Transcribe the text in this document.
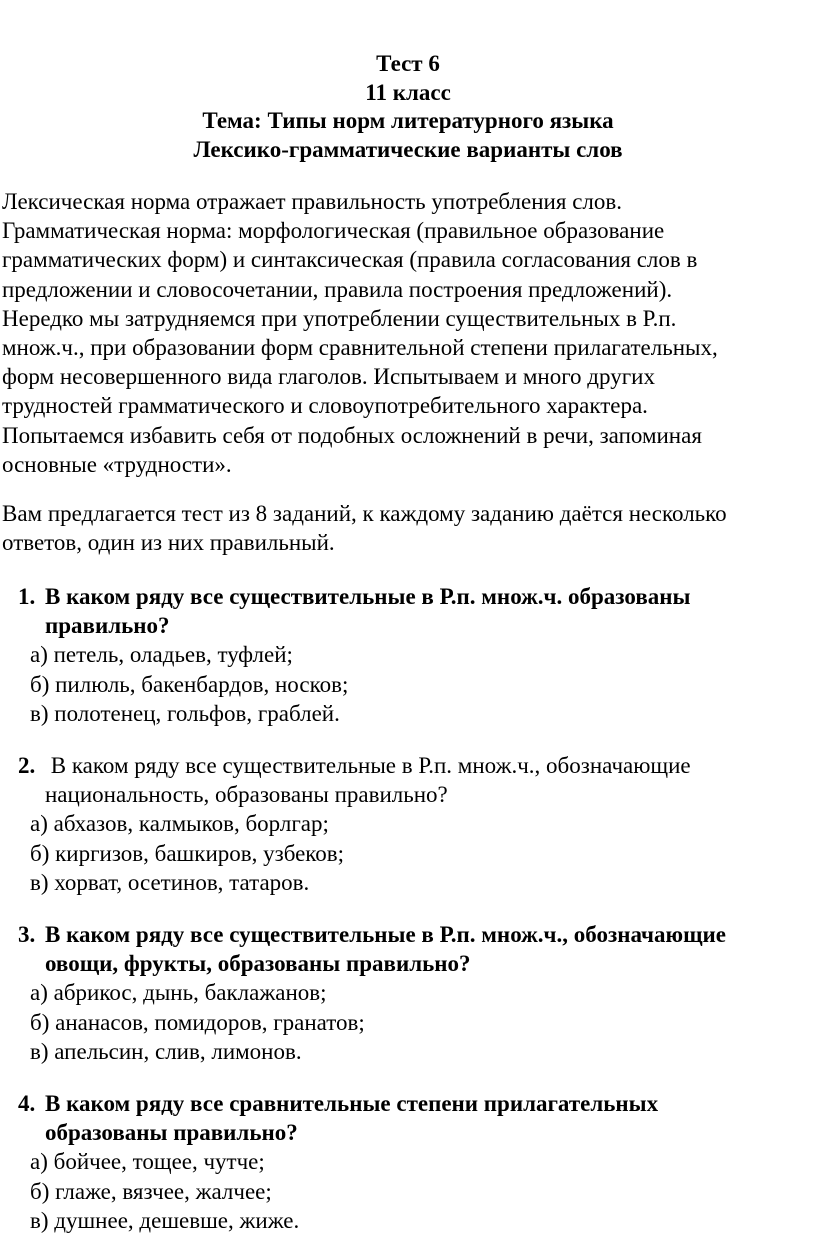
Тест 6
11 класс
Тема: Типы норм литературного языка
Лексико-грамматические варианты слов

Лексическая норма отражает правильность употребления слов.

Грамматическая норма: морфологическая (правильное образование

грамматических форм) и синтаксическая (правила согласования слов в

предложении и словосочетании, правила построения предложений).

Нередко мы затрудняемся при употреблении существительных в Р.п.

множ.ч., при образовании форм сравнительной степени прилагательных,

форм несовершенного вида глаголов. Испытываем и много других

трудностей грамматического и словоупотребительного характера.

Попытаемся избавить себя от подобных осложнений в речи, запоминая

основные «трудности».

Вам предлагается тест из 8 заданий, к каждому заданию даётся несколько

ответов, один из них правильный.

1. В каком ряду все существительные в Р.п. множ.ч. образованы
правильно?
а) петель, оладьев, туфлей;
б) пилюль, бакенбардов, носков;
в) полотенец, гольфов, граблей.
2. В каком ряду все существительные в Р.п. множ.ч., обозначающие
национальность, образованы правильно?
а) абхазов, калмыков, борлгар;
б) киргизов, башкиров, узбеков;
в) хорват, осетинов, татаров.
3. В каком ряду все существительные в Р.п. множ.ч., обозначающие
овощи, фрукты, образованы правильно?
а) абрикос, дынь, баклажанов;
б) ананасов, помидоров, гранатов;
в) апельсин, слив, лимонов.
4. В каком ряду все сравнительные степени прилагательных
образованы правильно?
а) бойчее, тощее, чутче;
б) глаже, вязчее, жалчее;
в) душнее, дешевше, жиже.
